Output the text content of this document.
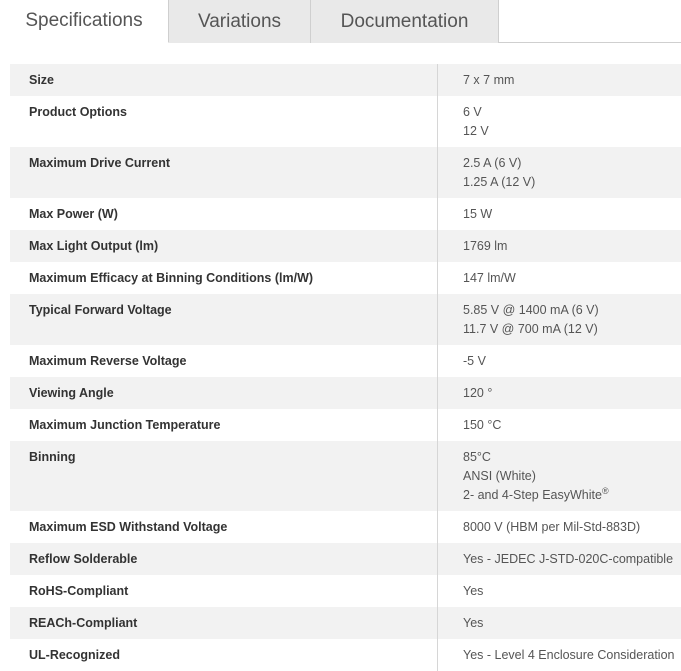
Specifications	Variations	Documentation
Size	7 x 7 mm

Product Options	6 V
12 V

Maximum Drive Current	2.5 A (6 V)
1.25 A (12 V)

Max Power (W)	15 W

Max Light Output (lm)	1769 lm

Maximum Efficacy at Binning Conditions (lm/W)	147 lm/W

Typical Forward Voltage	5.85 V @ 1400 mA (6 V)
11.7 V @ 700 mA (12 V)

Maximum Reverse Voltage	-5 V

Viewing Angle	120 °

Maximum Junction Temperature	150 °C

Binning	85°C
ANSI (White)
2- and 4-Step EasyWhite®

Maximum ESD Withstand Voltage	8000 V (HBM per Mil-Std-883D)

Reflow Solderable	Yes - JEDEC J-STD-020C-compatible

RoHS-Compliant	Yes

REACh-Compliant	Yes

UL-Recognized	Yes - Level 4 Enclosure Consideration
